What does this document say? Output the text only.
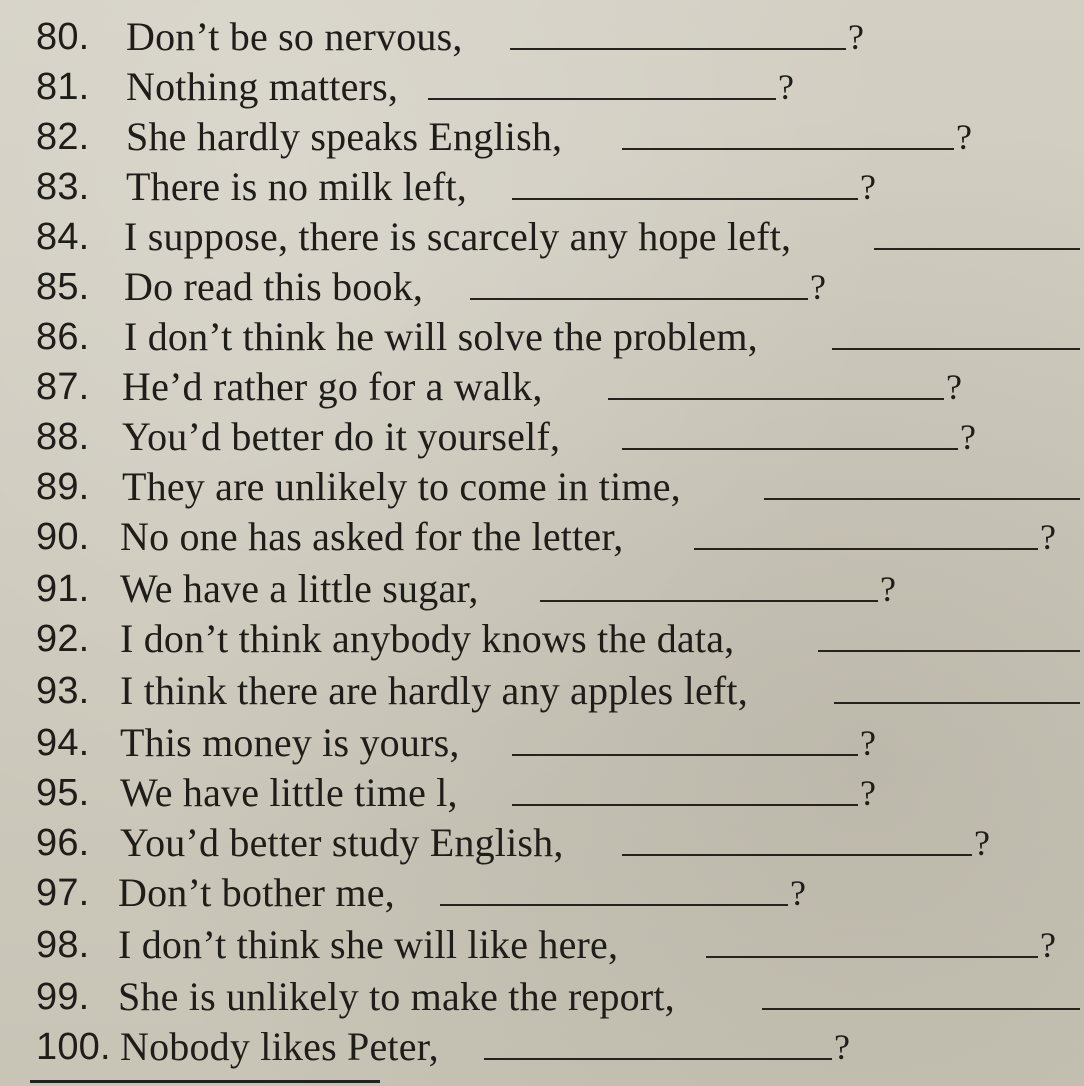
80. Don’t be so nervous,	?
81. Nothing matters,	?
82. She hardly speaks English,	?
83. There is no milk left,	?
84. I suppose, there is scarcely any hope left,
85. Do read this book,	?
86. I don’t think he will solve the problem,
87. He’d rather go for a walk,	?
88. You’d better do it yourself,	?
89. They are unlikely to come in time,
90. No one has asked for the letter,	?
91. We have a little sugar,	?
92. I don’t think anybody knows the data,
93. I think there are hardly any apples left,
94. This money is yours,	?
95. We have little time l,	?
96. You’d better study English,	?
97. Don’t bother me,	?
98. I don’t think she will like here,	?
99. She is unlikely to make the report,
100. Nobody likes Peter,	?
